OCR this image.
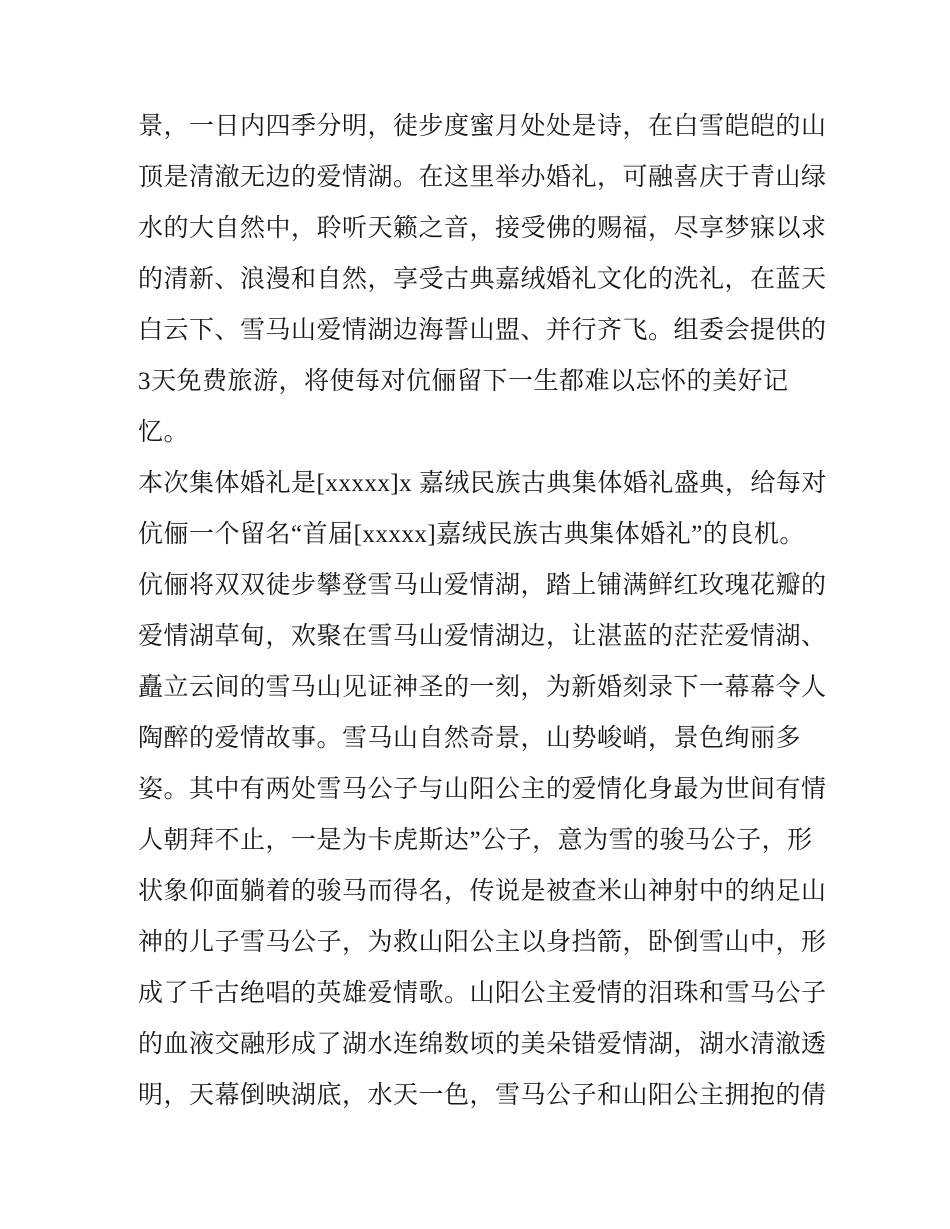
景，一日内四季分明，徒步度蜜月处处是诗，在白雪皑皑的山
顶是清澈无边的爱情湖。在这里举办婚礼，可融喜庆于青山绿
水的大自然中，聆听天籁之音，接受佛的赐福，尽享梦寐以求
的清新、浪漫和自然，享受古典嘉绒婚礼文化的洗礼，在蓝天
白云下、雪马山爱情湖边海誓山盟、并行齐飞。组委会提供的
3天免费旅游，将使每对伉俪留下一生都难以忘怀的美好记
忆。
本次集体婚礼是[xxxxx]x 嘉绒民族古典集体婚礼盛典，给每对
伉俪一个留名“首届[xxxxx]嘉绒民族古典集体婚礼”的良机。
伉俪将双双徒步攀登雪马山爱情湖，踏上铺满鲜红玫瑰花瓣的
爱情湖草甸，欢聚在雪马山爱情湖边，让湛蓝的茫茫爱情湖、
矗立云间的雪马山见证神圣的一刻，为新婚刻录下一幕幕令人
陶醉的爱情故事。雪马山自然奇景，山势峻峭，景色绚丽多
姿。其中有两处雪马公子与山阳公主的爱情化身最为世间有情
人朝拜不止，一是为卡虎斯达”公子，意为雪的骏马公子，形
状象仰面躺着的骏马而得名，传说是被查米山神射中的纳足山
神的儿子雪马公子，为救山阳公主以身挡箭，卧倒雪山中，形
成了千古绝唱的英雄爱情歌。山阳公主爱情的泪珠和雪马公子
的血液交融形成了湖水连绵数顷的美朵错爱情湖，湖水清澈透
明，天幕倒映湖底，水天一色，雪马公子和山阳公主拥抱的倩
